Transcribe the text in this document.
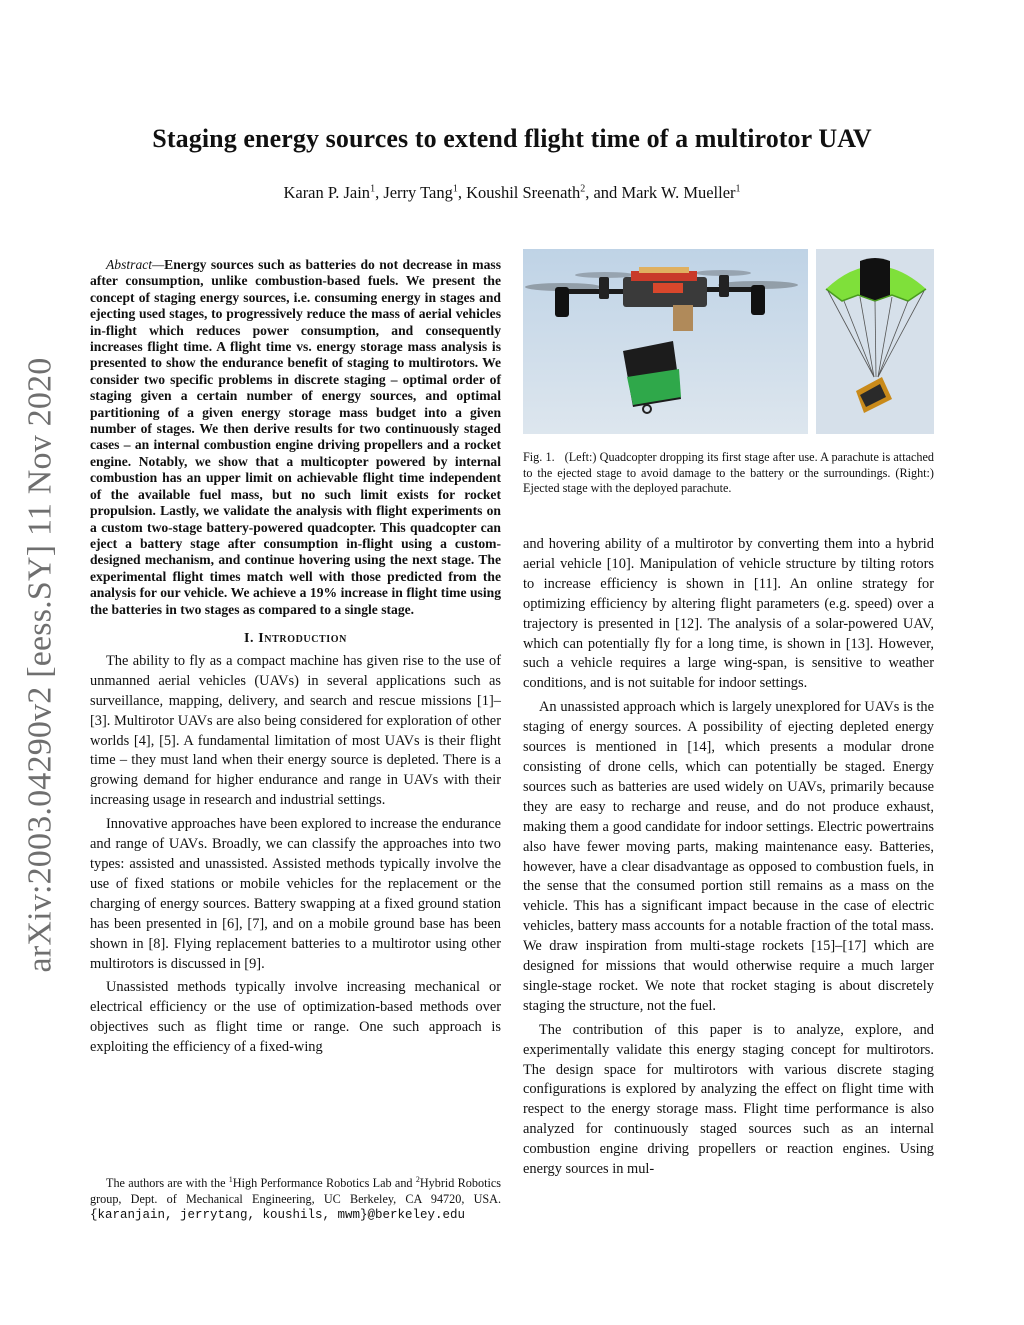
arXiv:2003.04290v2 [eess.SY] 11 Nov 2020
Staging energy sources to extend flight time of a multirotor UAV
Karan P. Jain$^1$, Jerry Tang$^1$, Koushil Sreenath$^2$, and Mark W. Mueller$^1$

Abstract—Energy sources such as batteries do not decrease in mass after consumption, unlike combustion-based fuels. We present the concept of staging energy sources, i.e. consuming energy in stages and ejecting used stages, to progressively reduce the mass of aerial vehicles in-flight which reduces power consumption, and consequently increases flight time. A flight time vs. energy storage mass analysis is presented to show the endurance benefit of staging to multirotors. We consider two specific problems in discrete staging – optimal order of staging given a certain number of energy sources, and optimal partitioning of a given energy storage mass budget into a given number of stages. We then derive results for two continuously staged cases – an internal combustion engine driving propellers and a rocket engine. Notably, we show that a multicopter powered by internal combustion has an upper limit on achievable flight time independent of the available fuel mass, but no such limit exists for rocket propulsion. Lastly, we validate the analysis with flight experiments on a custom two-stage battery-powered quadcopter. This quadcopter can eject a battery stage after consumption in-flight using a custom-designed mechanism, and continue hovering using the next stage. The experimental flight times match well with those predicted from the analysis for our vehicle. We achieve a 19% increase in flight time using the batteries in two stages as compared to a single stage.

I. Introduction

The ability to fly as a compact machine has given rise to the use of unmanned aerial vehicles (UAVs) in several applications such as surveillance, mapping, delivery, and search and rescue missions [1]–[3]. Multirotor UAVs are also being considered for exploration of other worlds [4], [5]. A fundamental limitation of most UAVs is their flight time – they must land when their energy source is depleted. There is a growing demand for higher endurance and range in UAVs with their increasing usage in research and industrial settings.

Innovative approaches have been explored to increase the endurance and range of UAVs. Broadly, we can classify the approaches into two types: assisted and unassisted. Assisted methods typically involve the use of fixed stations or mobile vehicles for the replacement or the charging of energy sources. Battery swapping at a fixed ground station has been presented in [6], [7], and on a mobile ground base has been shown in [8]. Flying replacement batteries to a multirotor using other multirotors is discussed in [9].

Unassisted methods typically involve increasing mechanical or electrical efficiency or the use of optimization-based methods over objectives such as flight time or range. One such approach is exploiting the efficiency of a fixed-wing

The authors are with the $^1$High Performance Robotics Lab and $^2$Hybrid Robotics group, Dept. of Mechanical Engineering, UC Berkeley, CA 94720, USA. {karanjain, jerrytang, koushils, mwm}@berkeley.edu

Fig. 1. (Left:) Quadcopter dropping its first stage after use. A parachute is attached to the ejected stage to avoid damage to the battery or the surroundings. (Right:) Ejected stage with the deployed parachute.

and hovering ability of a multirotor by converting them into a hybrid aerial vehicle [10]. Manipulation of vehicle structure by tilting rotors to increase efficiency is shown in [11]. An online strategy for optimizing efficiency by altering flight parameters (e.g. speed) over a trajectory is presented in [12]. The analysis of a solar-powered UAV, which can potentially fly for a long time, is shown in [13]. However, such a vehicle requires a large wing-span, is sensitive to weather conditions, and is not suitable for indoor settings.

An unassisted approach which is largely unexplored for UAVs is the staging of energy sources. A possibility of ejecting depleted energy sources is mentioned in [14], which presents a modular drone consisting of drone cells, which can potentially be staged. Energy sources such as batteries are used widely on UAVs, primarily because they are easy to recharge and reuse, and do not produce exhaust, making them a good candidate for indoor settings. Electric powertrains also have fewer moving parts, making maintenance easy. Batteries, however, have a clear disadvantage as opposed to combustion fuels, in the sense that the consumed portion still remains as a mass on the vehicle. This has a significant impact because in the case of electric vehicles, battery mass accounts for a notable fraction of the total mass. We draw inspiration from multi-stage rockets [15]–[17] which are designed for missions that would otherwise require a much larger single-stage rocket. We note that rocket staging is about discretely staging the structure, not the fuel.

The contribution of this paper is to analyze, explore, and experimentally validate this energy staging concept for multirotors. The design space for multirotors with various discrete staging configurations is explored by analyzing the effect on flight time with respect to the energy storage mass. Flight time performance is also analyzed for continuously staged sources such as an internal combustion engine driving propellers or reaction engines. Using energy sources in mul-
